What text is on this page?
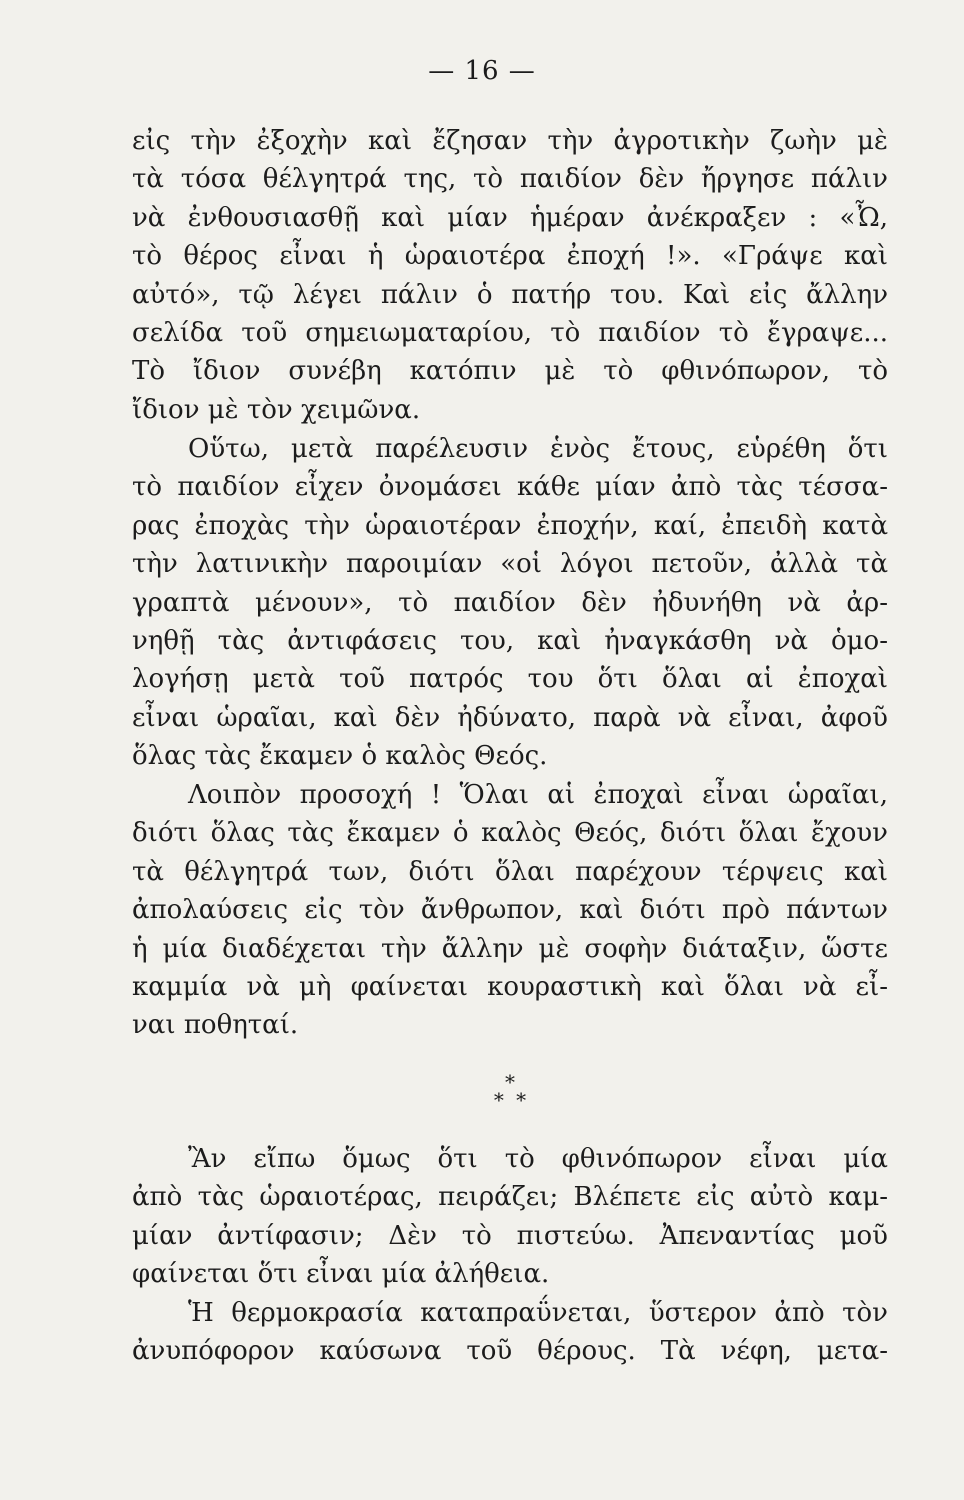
— 16 —
εἰς τὴν ἐξοχὴν καὶ ἔζησαν τὴν ἀγροτικὴν ζωὴν μὲ
τὰ τόσα θέλγητρά της, τὸ παιδίον δὲν ἤργησε πάλιν
νὰ ἐνθουσιασθῇ καὶ μίαν ἡμέραν ἀνέκραξεν : «Ὦ,
τὸ θέρος εἶναι ἡ ὡραιοτέρα ἐποχή !». «Γράψε καὶ
αὐτό», τῷ λέγει πάλιν ὁ πατήρ του. Καὶ εἰς ἄλλην
σελίδα τοῦ σημειωματαρίου, τὸ παιδίον τὸ ἔγραψε...
Τὸ ἴδιον συνέβη κατόπιν μὲ τὸ φθινόπωρον, τὸ
ἴδιον μὲ τὸν χειμῶνα.
Οὕτω, μετὰ παρέλευσιν ἑνὸς ἔτους, εὑρέθη ὅτι
τὸ παιδίον εἶχεν ὀνομάσει κάθε μίαν ἀπὸ τὰς τέσσα-
ρας ἐποχὰς τὴν ὡραιοτέραν ἐποχήν, καί, ἐπειδὴ κατὰ
τὴν λατινικὴν παροιμίαν «οἱ λόγοι πετοῦν, ἀλλὰ τὰ
γραπτὰ μένουν», τὸ παιδίον δὲν ἠδυνήθη νὰ ἀρ-
νηθῇ τὰς ἀντιφάσεις του, καὶ ἠναγκάσθη νὰ ὁμο-
λογήσῃ μετὰ τοῦ πατρός του ὅτι ὅλαι αἱ ἐποχαὶ
εἶναι ὡραῖαι, καὶ δὲν ἠδύνατο, παρὰ νὰ εἶναι, ἀφοῦ
ὅλας τὰς ἔκαμεν ὁ καλὸς Θεός.
Λοιπὸν προσοχή ! Ὅλαι αἱ ἐποχαὶ εἶναι ὡραῖαι,
διότι ὅλας τὰς ἔκαμεν ὁ καλὸς Θεός, διότι ὅλαι ἔχουν
τὰ θέλγητρά των, διότι ὅλαι παρέχουν τέρψεις καὶ
ἀπολαύσεις εἰς τὸν ἄνθρωπον, καὶ διότι πρὸ πάντων
ἡ μία διαδέχεται τὴν ἄλλην μὲ σοφὴν διάταξιν, ὥστε
καμμία νὰ μὴ φαίνεται κουραστικὴ καὶ ὅλαι νὰ εἶ-
ναι ποθηταί.
*
* *
Ἂν εἴπω ὅμως ὅτι τὸ φθινόπωρον εἶναι μία
ἀπὸ τὰς ὡραιοτέρας, πειράζει; Βλέπετε εἰς αὐτὸ καμ-
μίαν ἀντίφασιν; Δὲν τὸ πιστεύω. Ἀπεναντίας μοῦ
φαίνεται ὅτι εἶναι μία ἀλήθεια.
Ἡ θερμοκρασία καταπραΰνεται, ὕστερον ἀπὸ τὸν
ἀνυπόφορον καύσωνα τοῦ θέρους. Τὰ νέφη, μετα-
